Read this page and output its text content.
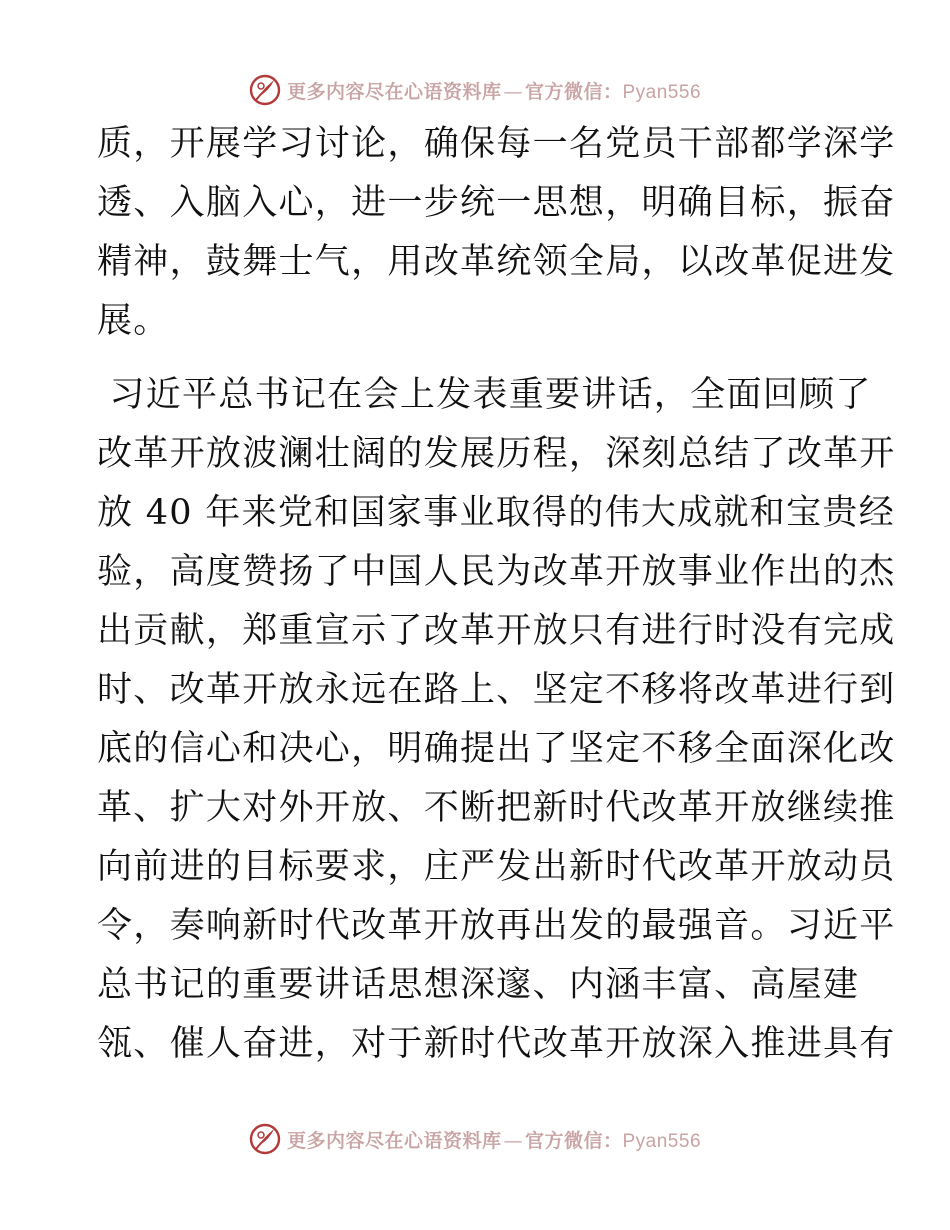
更多内容尽在心语资料库 — 官方微信：Pyan556

质，开展学习讨论，确保每一名党员干部都学深学
透、入脑入心，进一步统一思想，明确目标，振奋
精神，鼓舞士气，用改革统领全局，以改革促进发
展。

习近平总书记在会上发表重要讲话，全面回顾了
改革开放波澜壮阔的发展历程，深刻总结了改革开
放 40 年来党和国家事业取得的伟大成就和宝贵经
验，高度赞扬了中国人民为改革开放事业作出的杰
出贡献，郑重宣示了改革开放只有进行时没有完成
时、改革开放永远在路上、坚定不移将改革进行到
底的信心和决心，明确提出了坚定不移全面深化改
革、扩大对外开放、不断把新时代改革开放继续推
向前进的目标要求，庄严发出新时代改革开放动员
令，奏响新时代改革开放再出发的最强音。习近平
总书记的重要讲话思想深邃、内涵丰富、高屋建
瓴、催人奋进，对于新时代改革开放深入推进具有

更多内容尽在心语资料库 — 官方微信：Pyan556
